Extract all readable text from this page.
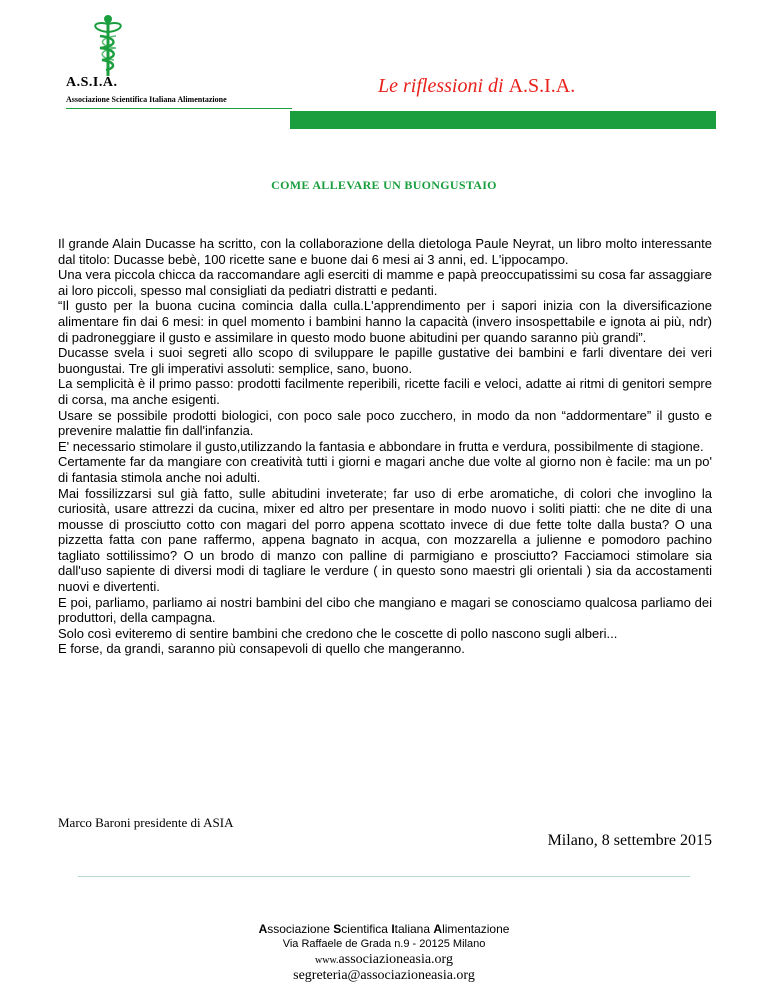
A.S.I.A.
Associazione Scientifica Italiana Alimentazione
Le riflessioni di A.S.I.A.
COME ALLEVARE UN BUONGUSTAIO

Il grande Alain Ducasse ha scritto, con la collaborazione della dietologa Paule Neyrat, un libro molto interessante dal titolo: Ducasse bebè, 100 ricette sane e buone dai 6 mesi ai 3 anni, ed. L'ippocampo.

Una vera piccola chicca da raccomandare agli eserciti di mamme e papà preoccupatissimi su cosa far assaggiare ai loro piccoli, spesso mal consigliati da pediatri distratti e pedanti.

“Il gusto per la buona cucina comincia dalla culla.L'apprendimento per i sapori inizia con la diversificazione alimentare fin dai 6 mesi: in quel momento i bambini hanno la capacità (invero insospettabile e ignota ai più, ndr) di padroneggiare il gusto e assimilare in questo modo buone abitudini per quando saranno più grandi”.

Ducasse svela i suoi segreti allo scopo di sviluppare le papille gustative dei bambini e farli diventare dei veri buongustai. Tre gli imperativi assoluti: semplice, sano, buono.

La semplicità è il primo passo: prodotti facilmente reperibili, ricette facili e veloci, adatte ai ritmi di genitori sempre di corsa, ma anche esigenti.

Usare se possibile prodotti biologici, con poco sale poco zucchero, in modo da non “addormentare” il gusto e prevenire malattie fin dall'infanzia.

E' necessario stimolare il gusto,utilizzando la fantasia e abbondare in frutta e verdura, possibilmente di stagione.

Certamente far da mangiare con creatività tutti i giorni e magari anche due volte al giorno non è facile: ma un po' di fantasia stimola anche noi adulti.

Mai fossilizzarsi sul già fatto, sulle abitudini inveterate; far uso di erbe aromatiche, di colori che invoglino la curiosità, usare attrezzi da cucina, mixer ed altro per presentare in modo nuovo i soliti piatti: che ne dite di una mousse di prosciutto cotto con magari del porro appena scottato invece di due fette tolte dalla busta? O una pizzetta fatta con pane raffermo, appena bagnato in acqua, con mozzarella a julienne e pomodoro pachino tagliato sottilissimo? O un brodo di manzo con palline di parmigiano e prosciutto? Facciamoci stimolare sia dall'uso sapiente di diversi modi di tagliare le verdure ( in questo sono maestri gli orientali ) sia da accostamenti nuovi e divertenti.

E poi, parliamo, parliamo ai nostri bambini del cibo che mangiano e magari se conosciamo qualcosa parliamo dei produttori, della campagna.

Solo così eviteremo di sentire bambini che credono che le coscette di pollo nascono sugli alberi...

E forse, da grandi, saranno più consapevoli di quello che mangeranno.

Marco Baroni presidente di ASIA
Milano, 8 settembre 2015
Associazione Scientifica Italiana Alimentazione
Via Raffaele de Grada n.9 - 20125 Milano
www.associazioneasia.org
segreteria@associazioneasia.org
